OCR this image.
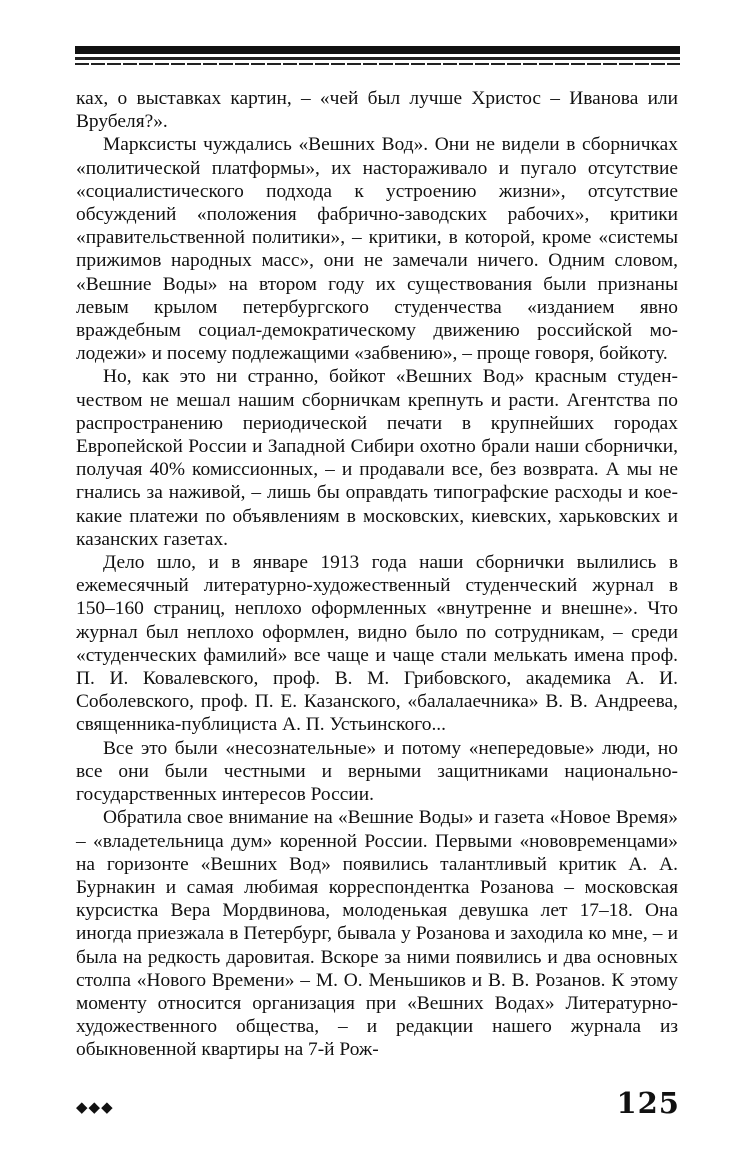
ках, о выставках картин, – «чей был лучше Христос – Иванова или Врубеля?».

Марксисты чуждались «Вешних Вод». Они не видели в сборничках «политической платформы», их настораживало и пугало отсутствие «социалистического подхода к устроению жизни», отсутствие обсуждений «положения фабрично-заводских рабочих», критики «правительственной политики», – критики, в которой, кроме «системы прижимов народных масс», они не замечали ничего. Одним словом, «Вешние Воды» на втором году их существования были признаны левым крылом петербургского студенчества «изданием явно враждебным социал-демократическому движению российской молодежи» и посему подлежащими «забвению», – проще говоря, бойкоту.

Но, как это ни странно, бойкот «Вешних Вод» красным студенчеством не мешал нашим сборничкам крепнуть и расти. Агентства по распространению периодической печати в крупнейших городах Европейской России и Западной Сибири охотно брали наши сборнички, получая 40% комиссионных, – и продавали все, без возврата. А мы не гнались за наживой, – лишь бы оправдать типографские расходы и кое-какие платежи по объявлениям в московских, киевских, харьковских и казанских газетах.

Дело шло, и в январе 1913 года наши сборнички вылились в ежемесячный литературно-художественный студенческий журнал в 150–160 страниц, неплохо оформленных «внутренне и внешне». Что журнал был неплохо оформлен, видно было по сотрудникам, – среди «студенческих фамилий» все чаще и чаще стали мелькать имена проф. П. И. Ковалевского, проф. В. М. Грибовского, академика А. И. Соболевского, проф. П. Е. Казанского, «балалаечника» В. В. Андреева, священника-публициста А. П. Устьинского...

Все это были «несознательные» и потому «непередовые» люди, но все они были честными и верными защитниками национально-государственных интересов России.

Обратила свое внимание на «Вешние Воды» и газета «Новое Время» – «владетельница дум» коренной России. Первыми «нововременцами» на горизонте «Вешних Вод» появились талантливый критик А. А. Бурнакин и самая любимая корреспондентка Розанова – московская курсистка Вера Мордвинова, молоденькая девушка лет 17–18. Она иногда приезжала в Петербург, бывала у Розанова и заходила ко мне, – и была на редкость даровитая. Вскоре за ними появились и два основных столпа «Нового Времени» – М. О. Меньшиков и В. В. Розанов. К этому моменту относится организация при «Вешних Водах» Литературно-художественного общества, – и редакции нашего журнала из обыкновенной квартиры на 7-й Рож-

◆◆◆	125
